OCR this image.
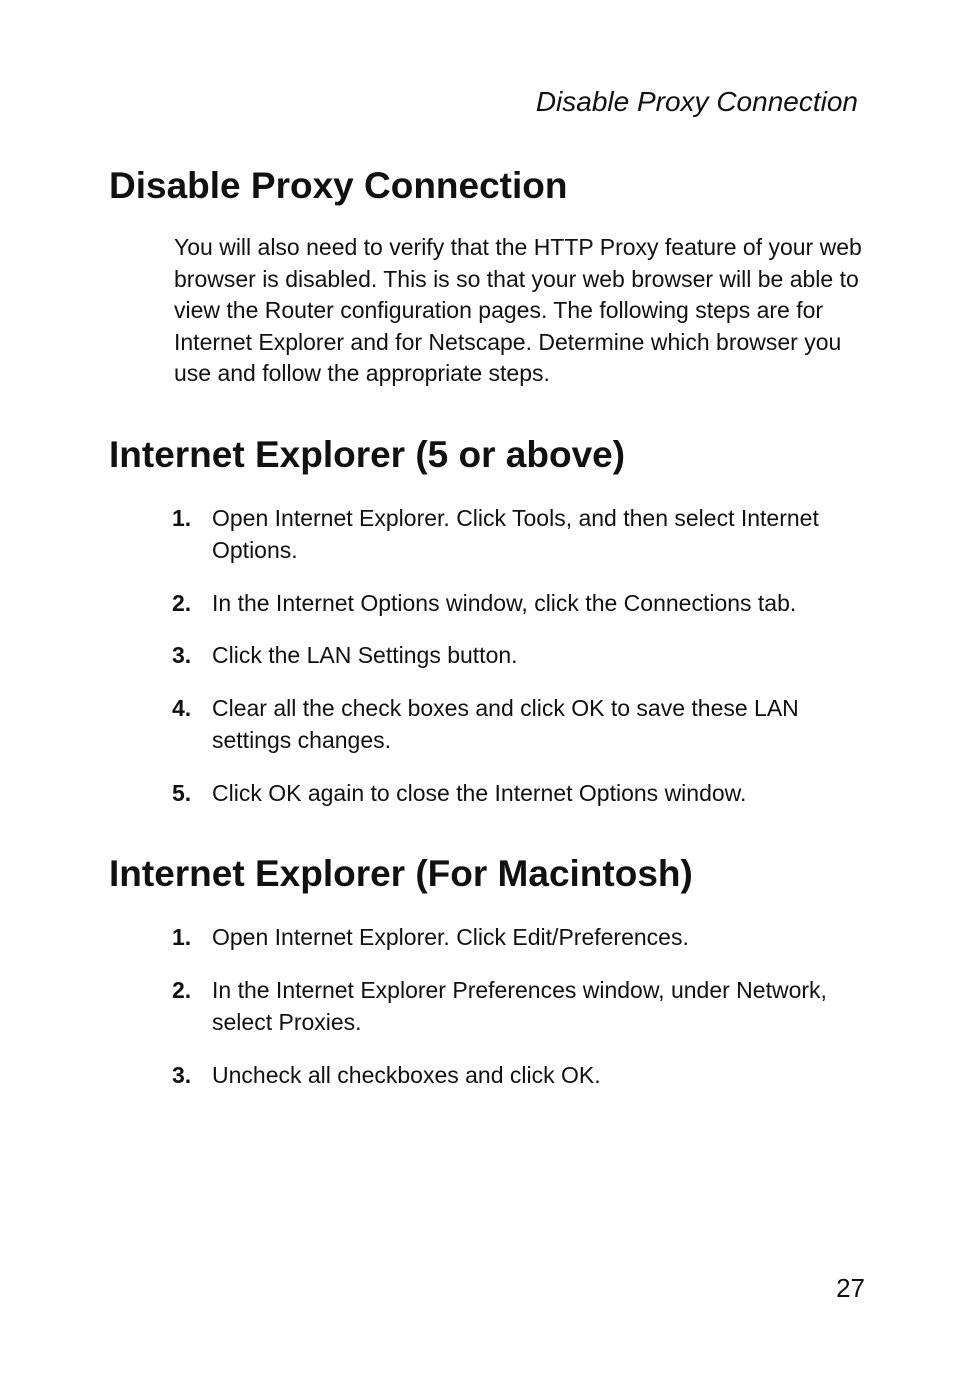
Disable Proxy Connection
Disable Proxy Connection

You will also need to verify that the HTTP Proxy feature of your web browser is disabled. This is so that your web browser will be able to view the Router configuration pages. The following steps are for Internet Explorer and for Netscape. Determine which browser you use and follow the appropriate steps.

Internet Explorer (5 or above)
1. Open Internet Explorer. Click Tools, and then select Internet Options.
2. In the Internet Options window, click the Connections tab.
3. Click the LAN Settings button.
4. Clear all the check boxes and click OK to save these LAN settings changes.
5. Click OK again to close the Internet Options window.
Internet Explorer (For Macintosh)
1. Open Internet Explorer. Click Edit/Preferences.
2. In the Internet Explorer Preferences window, under Network, select Proxies.
3. Uncheck all checkboxes and click OK.
27
